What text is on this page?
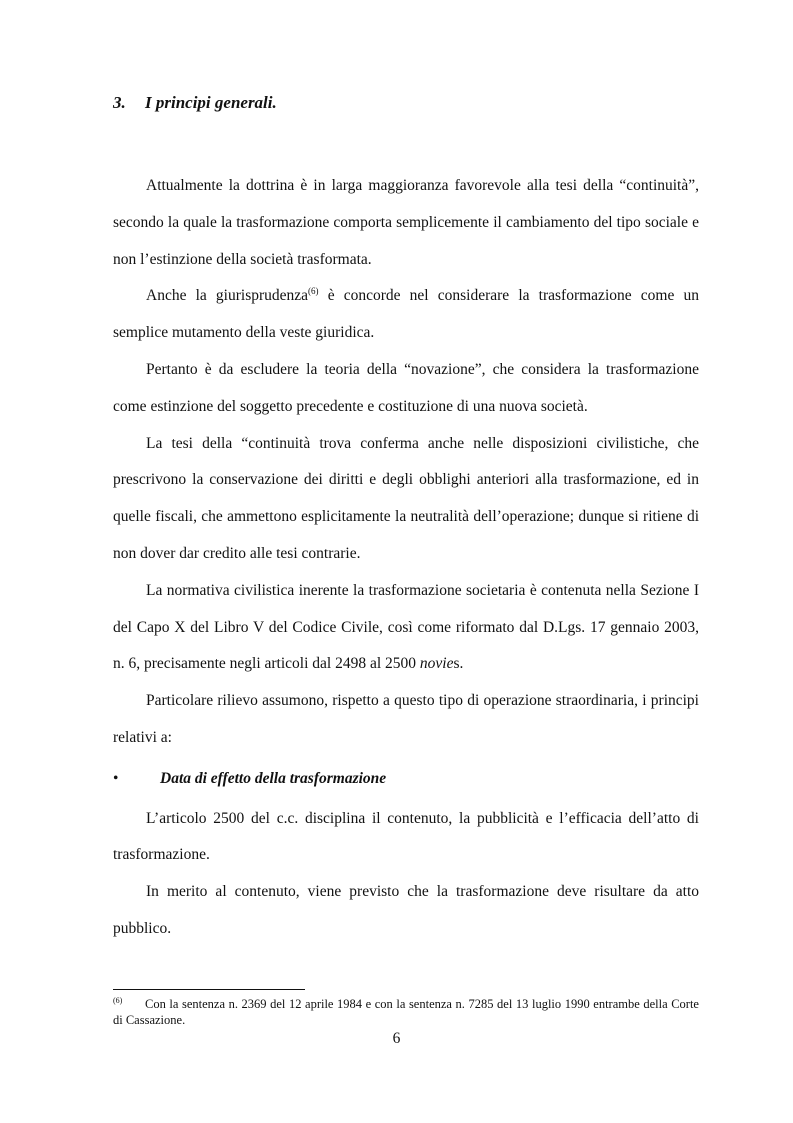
3. I principi generali.

Attualmente la dottrina è in larga maggioranza favorevole alla tesi della “continuità”, secondo la quale la trasformazione comporta semplicemente il cambiamento del tipo sociale e non l’estinzione della società trasformata.

Anche la giurisprudenza$^{(6)}$ è concorde nel considerare la trasformazione come un semplice mutamento della veste giuridica.

Pertanto è da escludere la teoria della “novazione”, che considera la trasformazione come estinzione del soggetto precedente e costituzione di una nuova società.

La tesi della “continuità trova conferma anche nelle disposizioni civilistiche, che prescrivono la conservazione dei diritti e degli obblighi anteriori alla trasformazione, ed in quelle fiscali, che ammettono esplicitamente la neutralità dell’operazione; dunque si ritiene di non dover dar credito alle tesi contrarie.

La normativa civilistica inerente la trasformazione societaria è contenuta nella Sezione I del Capo X del Libro V del Codice Civile, così come riformato dal D.Lgs. 17 gennaio 2003, n. 6, precisamente negli articoli dal 2498 al 2500 novies.

Particolare rilievo assumono, rispetto a questo tipo di operazione straordinaria, i principi relativi a:

•	Data di effetto della trasformazione

L’articolo 2500 del c.c. disciplina il contenuto, la pubblicità e l’efficacia dell’atto di trasformazione.

In merito al contenuto, viene previsto che la trasformazione deve risultare da atto pubblico.

(6) Con la sentenza n. 2369 del 12 aprile 1984 e con la sentenza n. 7285 del 13 luglio 1990 entrambe della Corte di Cassazione.
6
